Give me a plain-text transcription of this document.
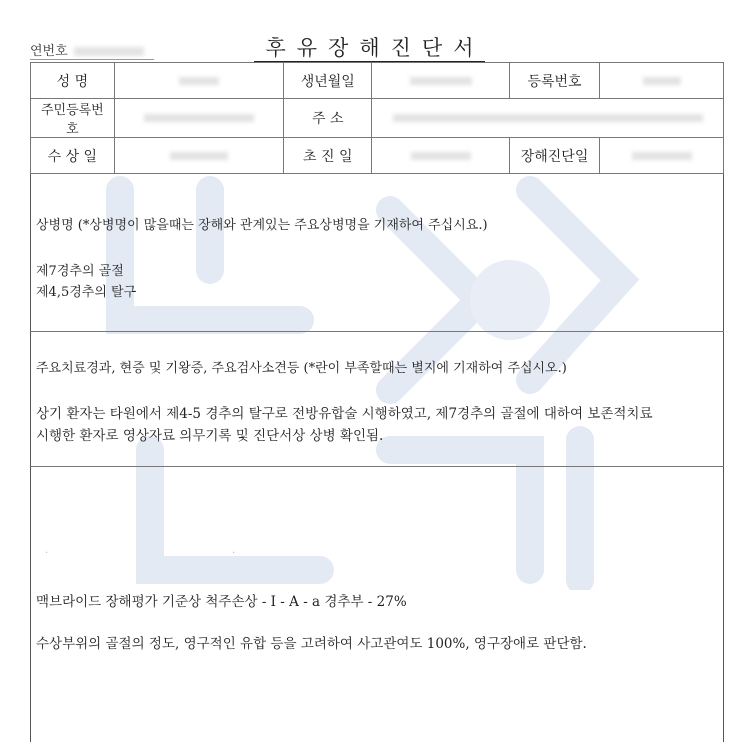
연번호	후유장해진단서
성 명		생년월일		등록번호	
주민등록번호		주 소			
수 상 일		초 진 일		장해진단일	
상병명 (*상병명이 많을때는 장해와 관계있는 주요상병명을 기재하여 주십시요.)
제7경추의 골절
제4,5경추의 탈구
주요치료경과, 현증 및 기왕증, 주요검사소견등 (*란이 부족할때는 별지에 기재하여 주십시오.)
상기 환자는 타원에서 제4-5 경추의 탈구로 전방유합술 시행하였고, 제7경추의 골절에 대하여 보존적치료
시행한 환자로 영상자료 의무기록 및 진단서상 상병 확인됨.
.	.
맥브라이드 장해평가 기준상 척주손상 - I - A - a 경추부 - 27%
수상부위의 골절의 정도, 영구적인 유합 등을 고려하여 사고관여도 100%, 영구장애로 판단함.
